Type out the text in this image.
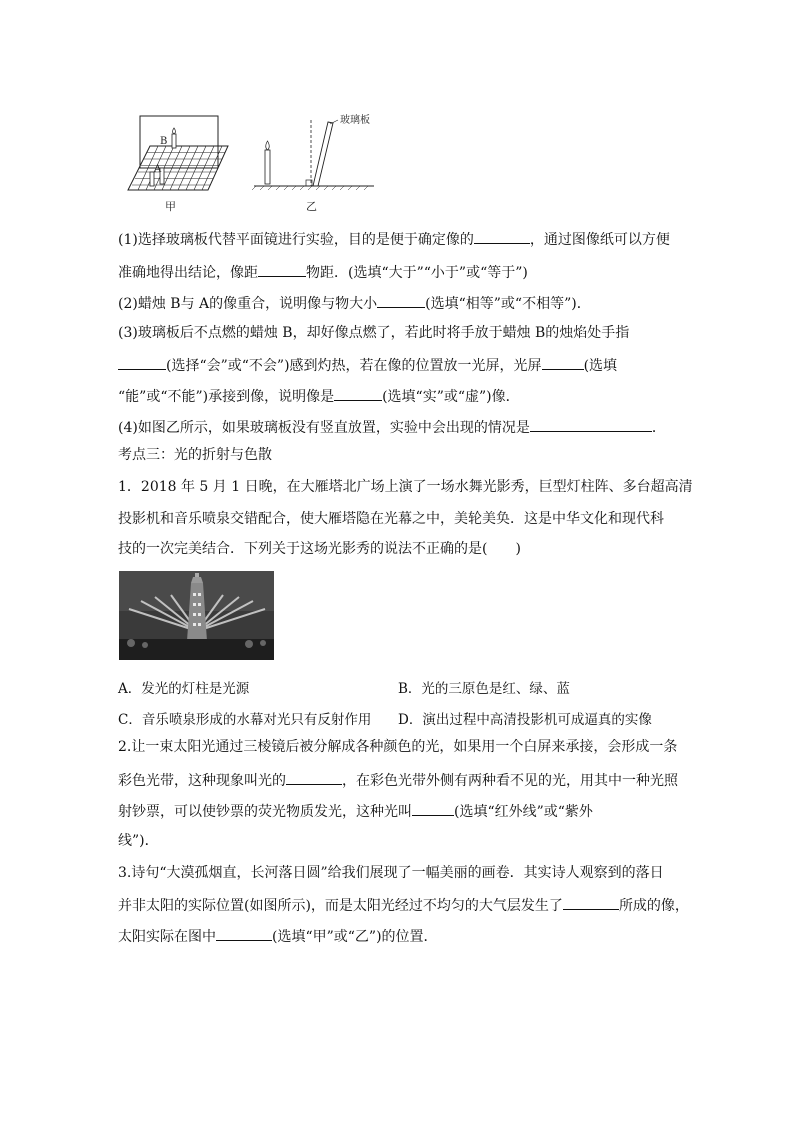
B
A
玻璃板
甲	乙
(1)选择玻璃板代替平面镜进行实验，目的是便于确定像的	，通过图像纸可以方便
准确地得出结论，像距	物距．(选填“大于”“小于”或“等于”)
(2)蜡烛 B与 A的像重合，说明像与物大小	(选填“相等”或“不相等”)．
(3)玻璃板后不点燃的蜡烛 B，却好像点燃了，若此时将手放于蜡烛 B的烛焰处手指
(选择“会”或“不会”)感到灼热，若在像的位置放一光屏，光屏	(选填
“能”或“不能”)承接到像，说明像是	(选填“实”或“虚”)像．
(4)如图乙所示，如果玻璃板没有竖直放置，实验中会出现的情况是	．
考点三：光的折射与色散
1．2018 年 5 月 1 日晚，在大雁塔北广场上演了一场水舞光影秀，巨型灯柱阵、多台超高清
投影机和音乐喷泉交错配合，使大雁塔隐在光幕之中，美轮美奂．这是中华文化和现代科
技的一次完美结合．下列关于这场光影秀的说法不正确的是(　　)
A．发光的灯柱是光源	B．光的三原色是红、绿、蓝
C．音乐喷泉形成的水幕对光只有反射作用 D．演出过程中高清投影机可成逼真的实像
2.让一束太阳光通过三棱镜后被分解成各种颜色的光，如果用一个白屏来承接，会形成一条
彩色光带，这种现象叫光的	，在彩色光带外侧有两种看不见的光，用其中一种光照
射钞票，可以使钞票的荧光物质发光，这种光叫	(选填“红外线”或“紫外
线”)．
3.诗句“大漠孤烟直，长河落日圆”给我们展现了一幅美丽的画卷．其实诗人观察到的落日
并非太阳的实际位置(如图所示)，而是太阳光经过不均匀的大气层发生了	所成的像，
太阳实际在图中	(选填“甲”或“乙”)的位置．
